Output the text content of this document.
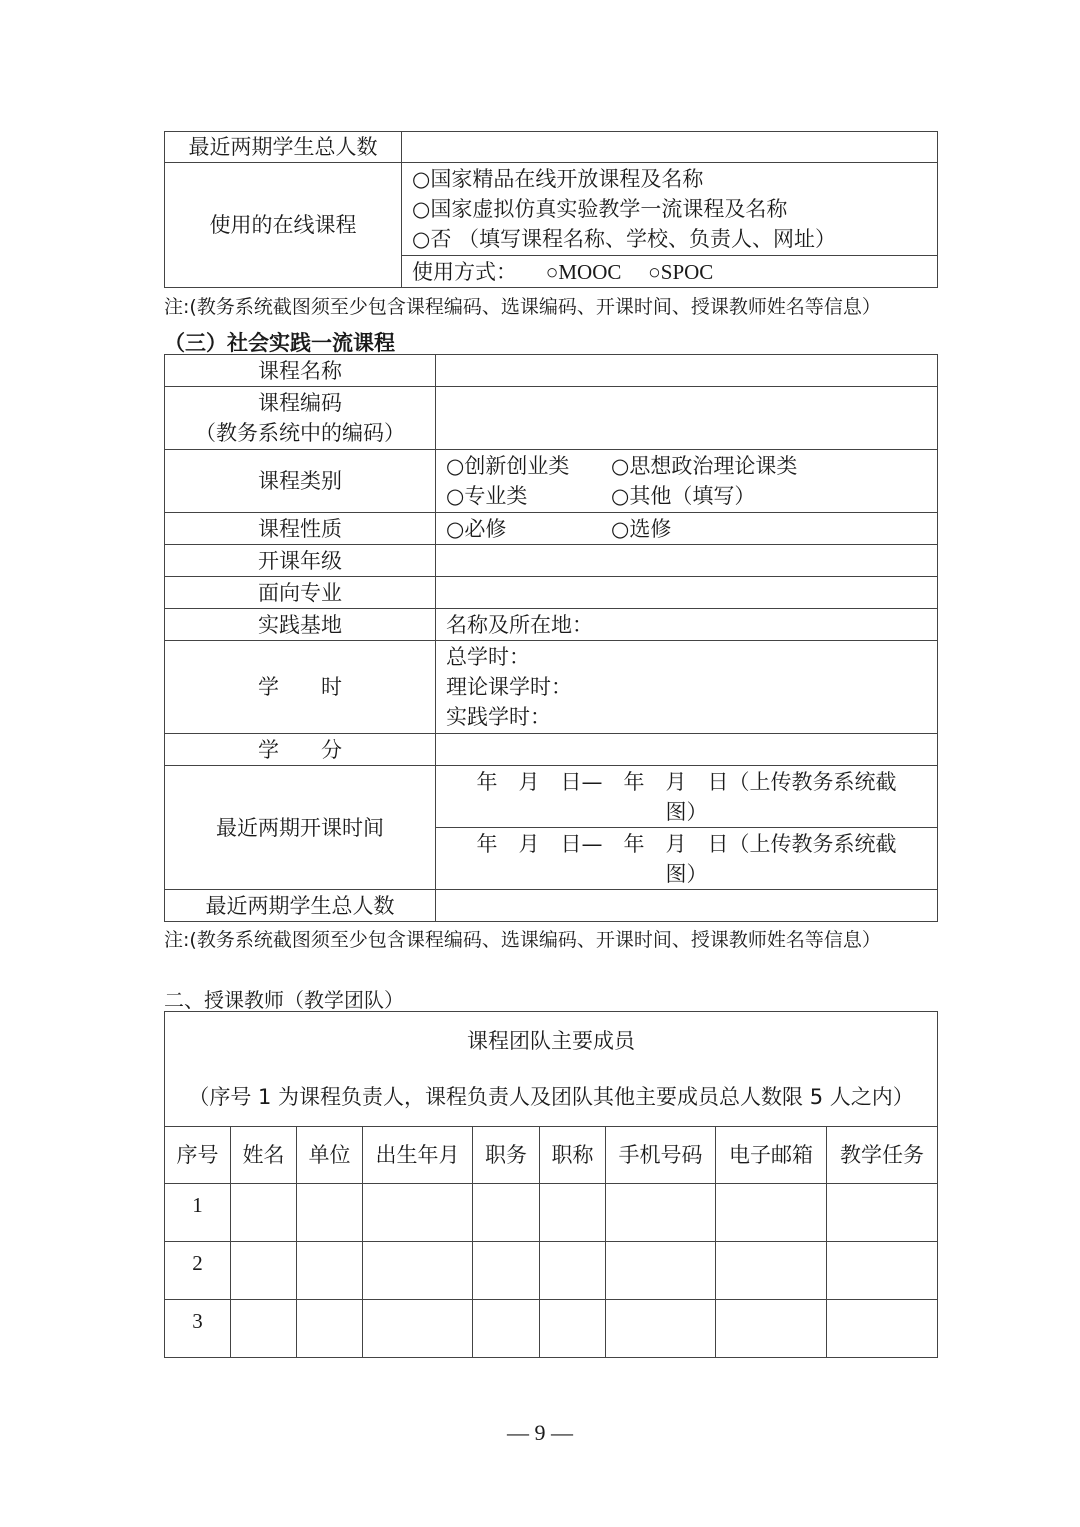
最近两期学生总人数	
使用的在线课程	○国家精品在线开放课程及名称
○国家虚拟仿真实验教学一流课程及名称
○否 （填写课程名称、学校、负责人、网址）

	使用方式： ○MOOC ○SPOC
注:(教务系统截图须至少包含课程编码、选课编码、开课时间、授课教师姓名等信息）
（三）社会实践一流课程
课程名称	

课程编码
（教务系统中的编码）	

课程类别	○创新创业类 ○思想政治理论课类
○专业类 ○其他（填写）

课程性质	○必修 ○选修
开课年级	
面向专业	
实践基地	名称及所在地：
学　　时	总学时：
理论课学时：
实践学时：

学　　分	
最近两期开课时间	年　月　日—　年　月　日（上传教务系统截
图）

	年　月　日—　年　月　日（上传教务系统截
图）

最近两期学生总人数	
注:(教务系统截图须至少包含课程编码、选课编码、开课时间、授课教师姓名等信息）
二、授课教师（教学团队）
课程团队主要成员
（序号 1 为课程负责人，课程负责人及团队其他主要成员总人数限 5 人之内）								

序号	姓名	单位	出生年月	职务	职称	手机号码	电子邮箱	教学任务
1								
2								
3								
— 9 —
